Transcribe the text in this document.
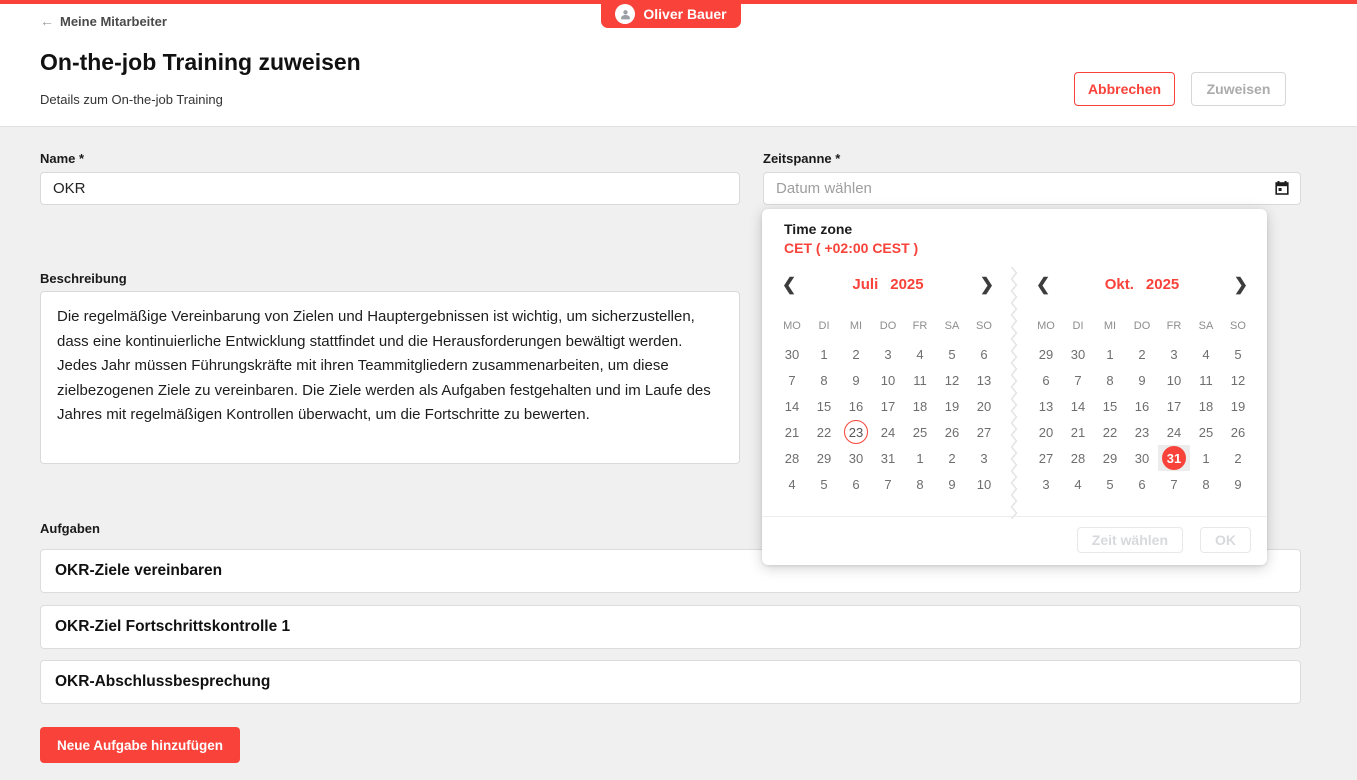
← Meine Mitarbeiter
On-the-job Training zuweisen
Details zum On-the-job Training
Abbrechen	Zuweisen
Oliver Bauer
Name *
OKR	Zeitspanne *
Datum wählen
Beschreibung
Die regelmäßige Vereinbarung von Zielen und Hauptergebnissen ist wichtig, um sicherzustellen, dass eine kontinuierliche Entwicklung stattfindet und die Herausforderungen bewältigt werden. Jedes Jahr müssen Führungskräfte mit ihren Teammitgliedern zusammenarbeiten, um diese zielbezogenen Ziele zu vereinbaren. Die Ziele werden als Aufgaben festgehalten und im Laufe des Jahres mit regelmäßigen Kontrollen überwacht, um die Fortschritte zu bewerten.
Aufgaben
OKR-Ziele vereinbaren
OKR-Ziel Fortschrittskontrolle 1
OKR-Abschlussbesprechung
Neue Aufgabe hinzufügen
Time zone
CET ( +02:00 CEST )
❮	Juli 2025	❯
MO	DI	MI	DO	FR	SA	SO
30	1	2	3	4	5	6
7	8	9	10	11	12	13
14	15	16	17	18	19	20
21	22	23	24	25	26	27
28	29	30	31	1	2	3
4	5	6	7	8	9	10
❮	Okt. 2025	❯
MO	DI	MI	DO	FR	SA	SO
29	30	1	2	3	4	5
6	7	8	9	10	11	12
13	14	15	16	17	18	19
20	21	22	23	24	25	26
27	28	29	30	31	1	2
3	4	5	6	7	8	9
Zeit wählen	OK
